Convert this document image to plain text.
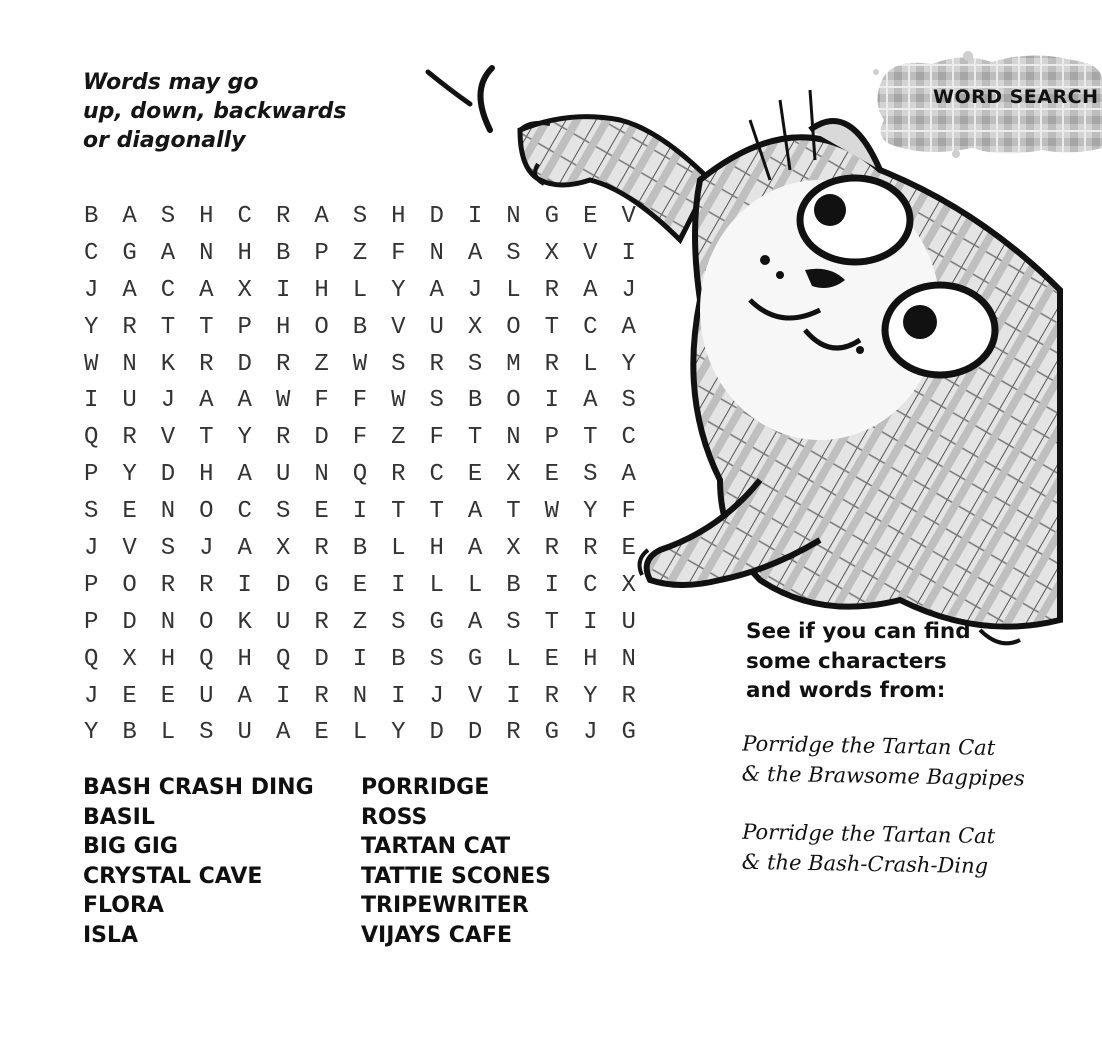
WORD SEARCH
Words may go
up, down, backwards
or diagonally
B A S H C R A S H D I N G E V
C G A N H B P Z F N A S X V I
J A C A X I H L Y A J L R A J
Y R T T P H O B V U X O T C A
W N K R D R Z W S R S M R L Y
I U J A A W F F W S B O I A S
Q R V T Y R D F Z F T N P T C
P Y D H A U N Q R C E X E S A
S E N O C S E I T T A T W Y F
J V S J A X R B L H A X R R E
P O R R I D G E I L L B I C X
P D N O K U R Z S G A S T I U
Q X H Q H Q D I B S G L E H N
J E E U A I R N I J V I R Y R
Y B L S U A E L Y D D R G J G
BASH CRASH DING
BASIL
BIG GIG
CRYSTAL CAVE
FLORA
ISLA
PORRIDGE
ROSS
TARTAN CAT
TATTIE SCONES
TRIPEWRITER
VIJAYS CAFE
See if you can find
some characters
and words from:
Porridge the Tartan Cat
& the Brawsome Bagpipes
Porridge the Tartan Cat
& the Bash-Crash-Ding
